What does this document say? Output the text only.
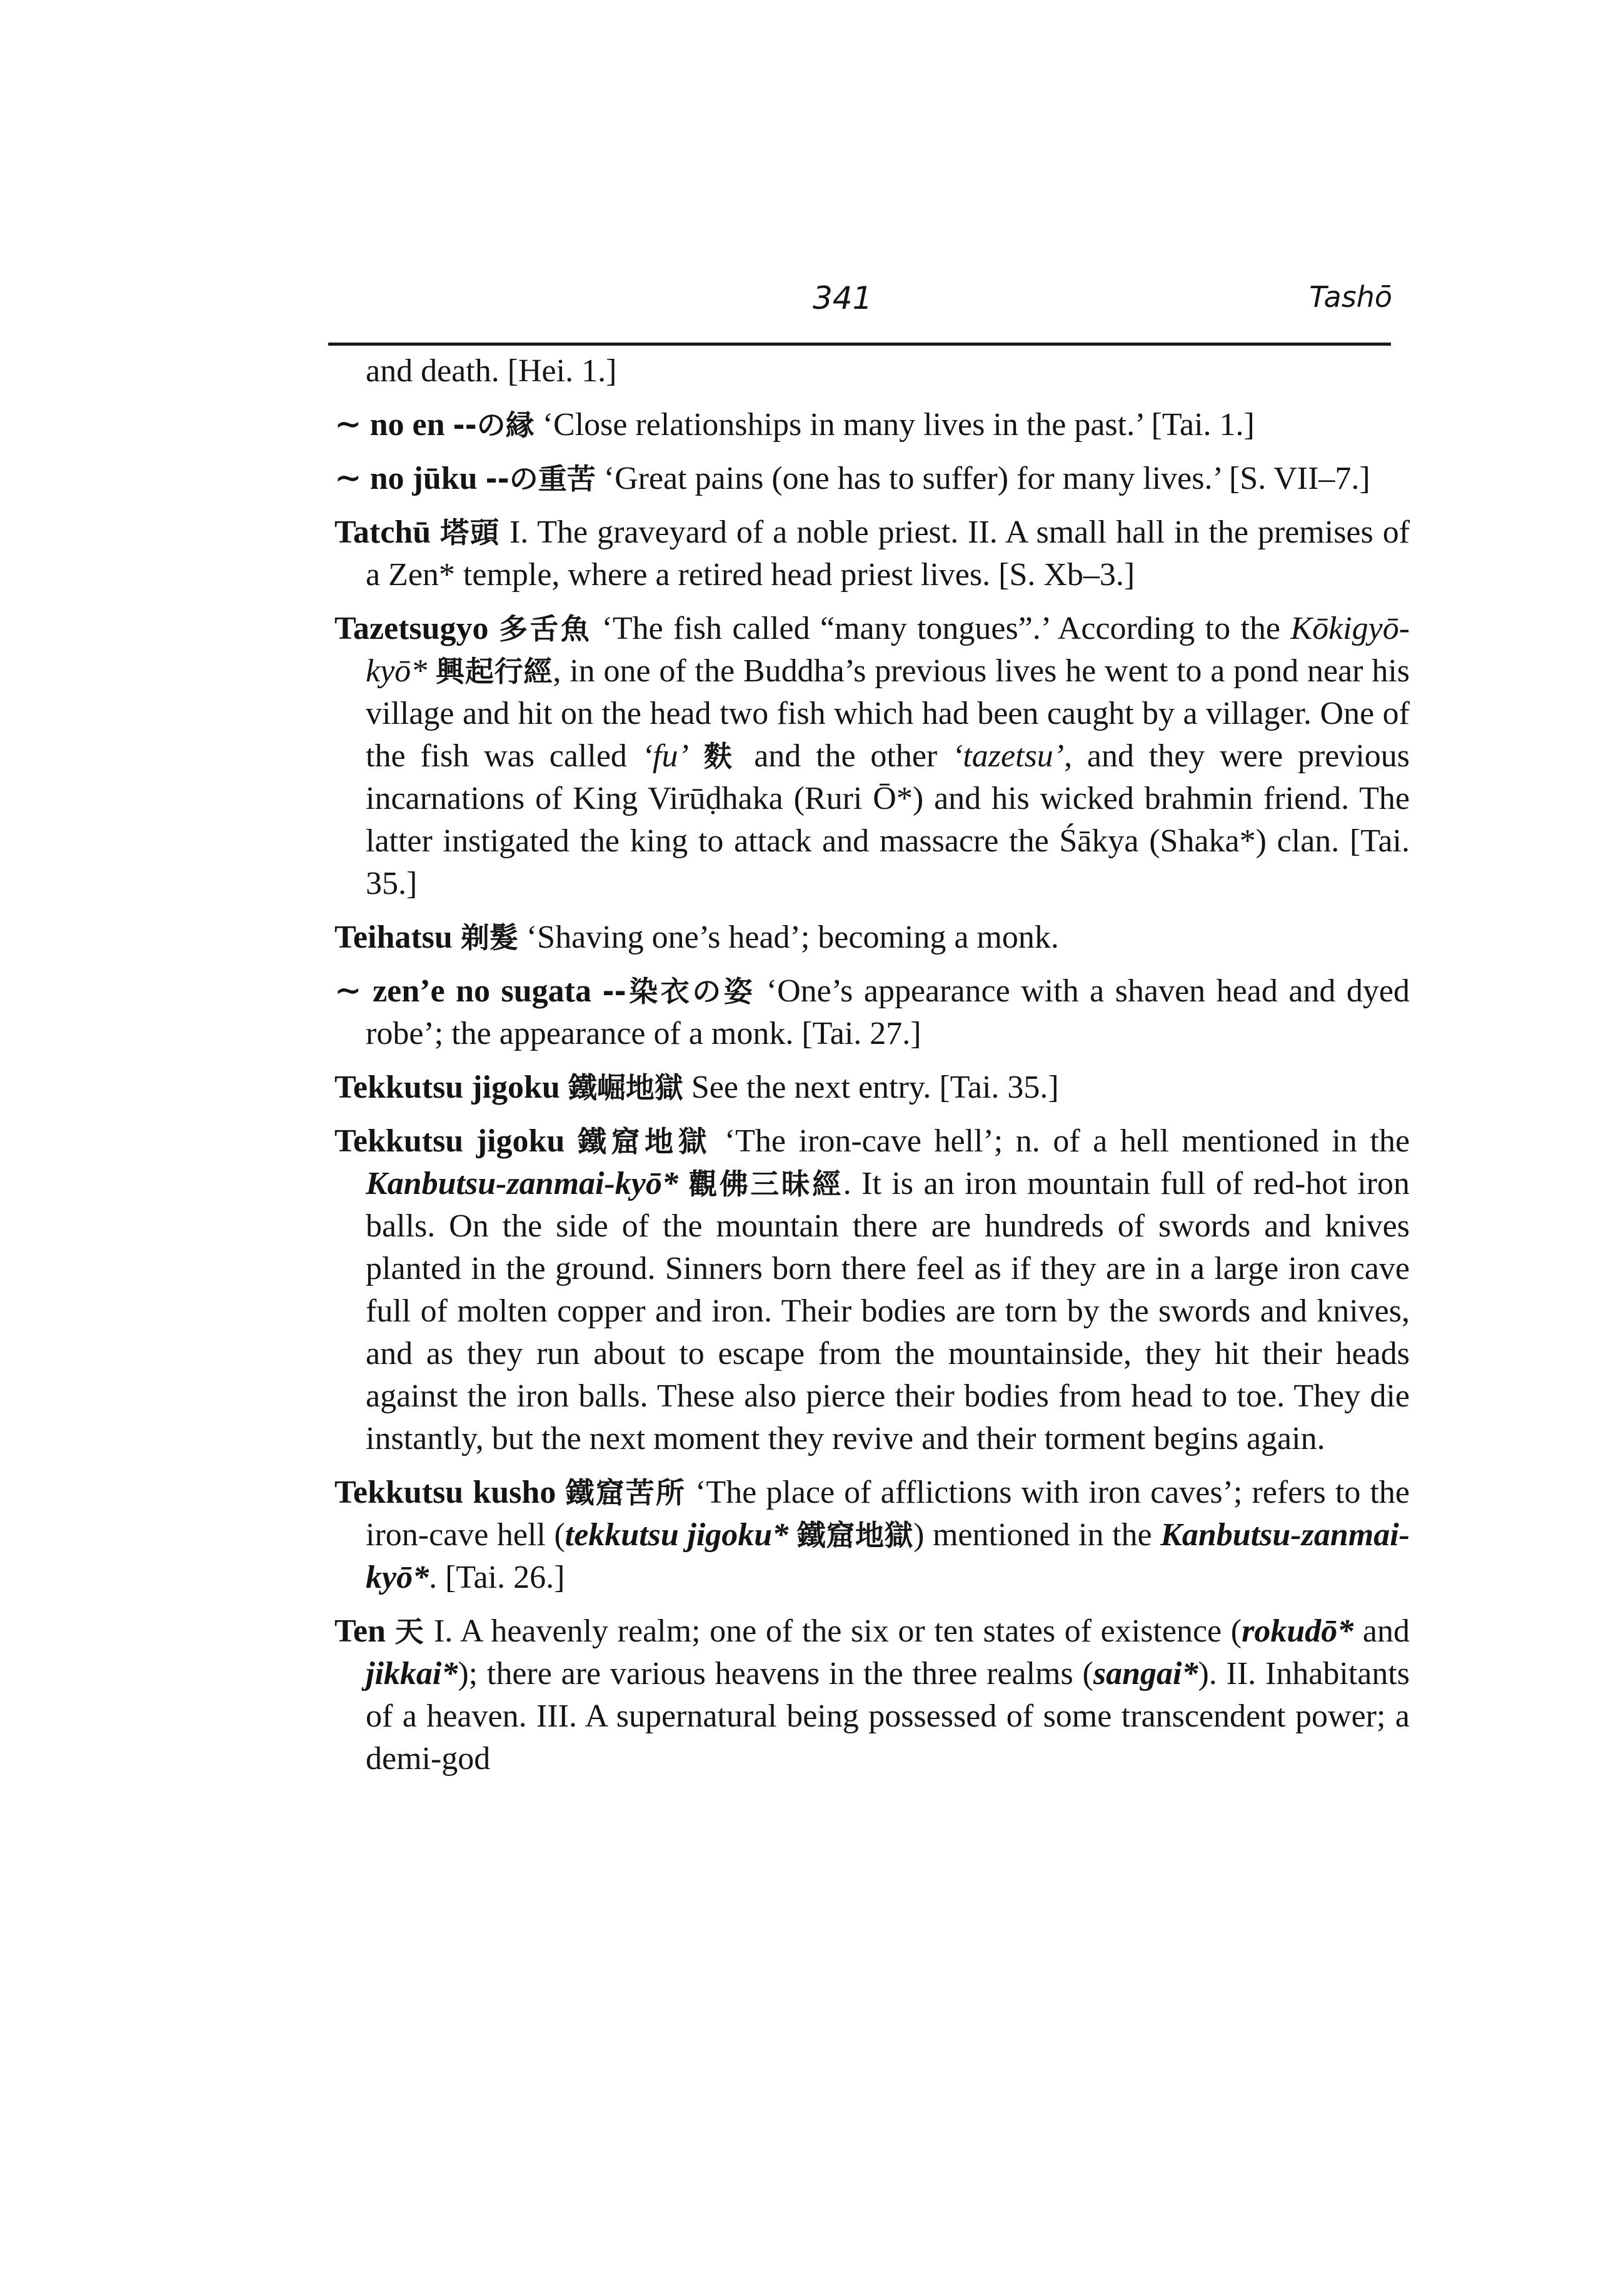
341	Tashō
and death. [Hei. 1.]
∼ no en --の縁 ‘Close relationships in many lives in the past.’ [Tai. 1.]
∼ no jūku --の重苦 ‘Great pains (one has to suffer) for many lives.’ [S. VII–7.]
Tatchū 塔頭 I. The graveyard of a noble priest. II. A small hall in the premises of a Zen* temple, where a retired head priest lives. [S. Xb–3.]
Tazetsugyo 多舌魚 ‘The fish called “many tongues”.’ According to the Kōkigyō-kyō* 興起行經, in one of the Buddha’s previous lives he went to a pond near his village and hit on the head two fish which had been caught by a villager. One of the fish was called ‘fu’ 麩 and the other ‘tazetsu’, and they were previous incarnations of King Virūḍhaka (Ruri Ō*) and his wicked brahmin friend. The latter instigated the king to attack and massacre the Śākya (Shaka*) clan. [Tai. 35.]
Teihatsu 剃髮 ‘Shaving one’s head’; becoming a monk.
∼ zen’e no sugata --染衣の姿 ‘One’s appearance with a shaven head and dyed robe’; the appearance of a monk. [Tai. 27.]
Tekkutsu jigoku 鐵崛地獄 See the next entry. [Tai. 35.]
Tekkutsu jigoku 鐵窟地獄 ‘The iron-cave hell’; n. of a hell mentioned in the Kanbutsu-zanmai-kyō* 觀佛三昧經. It is an iron mountain full of red-hot iron balls. On the side of the mountain there are hundreds of swords and knives planted in the ground. Sinners born there feel as if they are in a large iron cave full of molten copper and iron. Their bodies are torn by the swords and knives, and as they run about to escape from the mountainside, they hit their heads against the iron balls. These also pierce their bodies from head to toe. They die instantly, but the next moment they revive and their torment begins again.
Tekkutsu kusho 鐵窟苦所 ‘The place of afflictions with iron caves’; refers to the iron-cave hell (tekkutsu jigoku* 鐵窟地獄) mentioned in the Kanbutsu-zanmai-kyō*. [Tai. 26.]
Ten 天 I. A heavenly realm; one of the six or ten states of existence (rokudō* and jikkai*); there are various heavens in the three realms (sangai*). II. Inhabitants of a heaven. III. A supernatural being possessed of some transcendent power; a demi-god
